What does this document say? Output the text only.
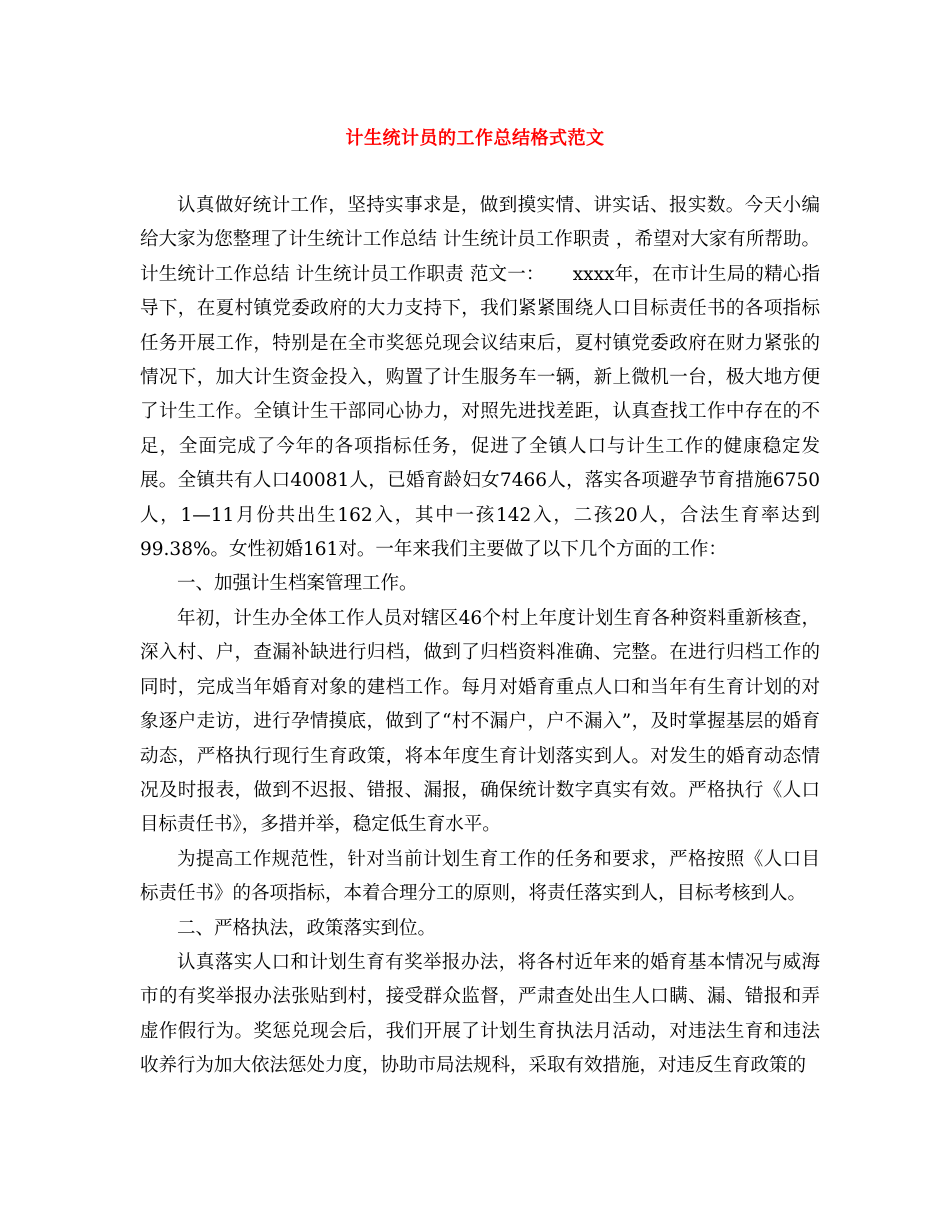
计生统计员的工作总结格式范文

认真做好统计工作，坚持实事求是，做到摸实情、讲实话、报实数。今天小编给大家为您整理了计生统计工作总结 计生统计员工作职责 ，希望对大家有所帮助。计生统计工作总结 计生统计员工作职责 范文一：　　xxxx年，在市计生局的精心指导下，在夏村镇党委政府的大力支持下，我们紧紧围绕人口目标责任书的各项指标任务开展工作，特别是在全市奖惩兑现会议结束后，夏村镇党委政府在财力紧张的情况下，加大计生资金投入，购置了计生服务车一辆，新上微机一台，极大地方便了计生工作。全镇计生干部同心协力，对照先进找差距，认真查找工作中存在的不足，全面完成了今年的各项指标任务，促进了全镇人口与计生工作的健康稳定发展。全镇共有人口40081人，已婚育龄妇女7466人，落实各项避孕节育措施6750人，1—11月份共出生162入，其中一孩142入，二孩20人，合法生育率达到99.38%。女性初婚161对。一年来我们主要做了以下几个方面的工作：

一、加强计生档案管理工作。

年初，计生办全体工作人员对辖区46个村上年度计划生育各种资料重新核查，深入村、户，查漏补缺进行归档，做到了归档资料准确、完整。在进行归档工作的同时，完成当年婚育对象的建档工作。每月对婚育重点人口和当年有生育计划的对象逐户走访，进行孕情摸底，做到了“村不漏户，户不漏入”，及时掌握基层的婚育动态，严格执行现行生育政策，将本年度生育计划落实到人。对发生的婚育动态情况及时报表，做到不迟报、错报、漏报，确保统计数字真实有效。严格执行《人口目标责任书》，多措并举，稳定低生育水平。

为提高工作规范性，针对当前计划生育工作的任务和要求，严格按照《人口目标责任书》的各项指标，本着合理分工的原则，将责任落实到人，目标考核到人。

二、严格执法，政策落实到位。

认真落实人口和计划生育有奖举报办法，将各村近年来的婚育基本情况与威海市的有奖举报办法张贴到村，接受群众监督，严肃查处出生人口瞒、漏、错报和弄虚作假行为。奖惩兑现会后，我们开展了计划生育执法月活动，对违法生育和违法收养行为加大依法惩处力度，协助市局法规科，采取有效措施，对违反生育政策的
